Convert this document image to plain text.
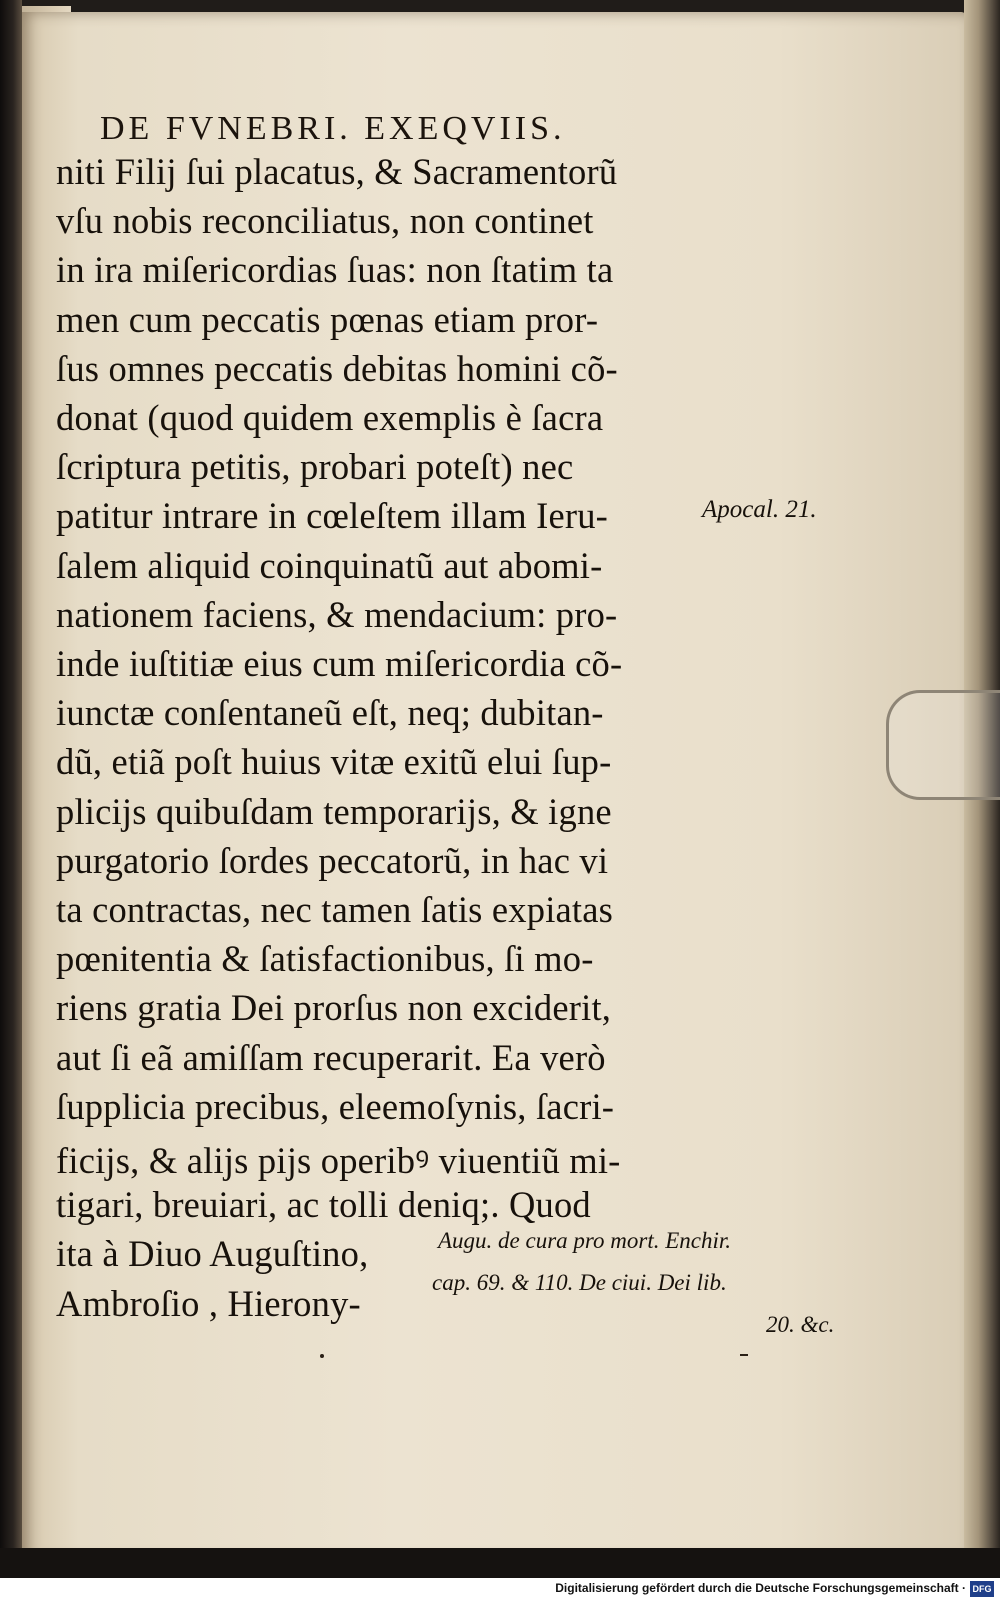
DE FVNEBRI. EXEQVIIS.
niti Filij ſui placatus, & Sacramentorũ
vſu nobis reconciliatus, non continet
in ira miſericordias ſuas: non ſtatim ta
men cum peccatis pœnas etiam pror-
ſus omnes peccatis debitas homini cõ-
donat (quod quidem exemplis è ſacra
ſcriptura petitis, probari poteſt) nec
patitur intrare in cœleſtem illam Ieru-
ſalem aliquid coinquinatũ aut abomi-
nationem faciens, & mendacium: pro-
inde iuſtitiæ eius cum miſericordia cõ-
iunctæ conſentaneũ eſt, neq; dubitan-
dũ, etiã poſt huius vitæ exitũ elui ſup-
plicijs quibuſdam temporarijs, & igne
purgatorio ſordes peccatorũ, in hac vi
ta contractas, nec tamen ſatis expiatas
pœnitentia & ſatisfactionibus, ſi mo-
riens gratia Dei prorſus non exciderit,
aut ſi eã amiſſam recuperarit. Ea verò
ſupplicia precibus, eleemoſynis, ſacri-
ficijs, & alijs pijs operibꝰ viuentiũ mi-
tigari, breuiari, ac tolli deniq;. Quod
ita à Diuo Auguſtino,
Ambroſio , Hierony-
Apocal. 21.
Augu. de cura pro mort. Enchir.
cap. 69. & 110. De ciui. Dei lib.
20. &c.
Digitalisierung gefördert durch die Deutsche Forschungsgemeinschaft · DFG
